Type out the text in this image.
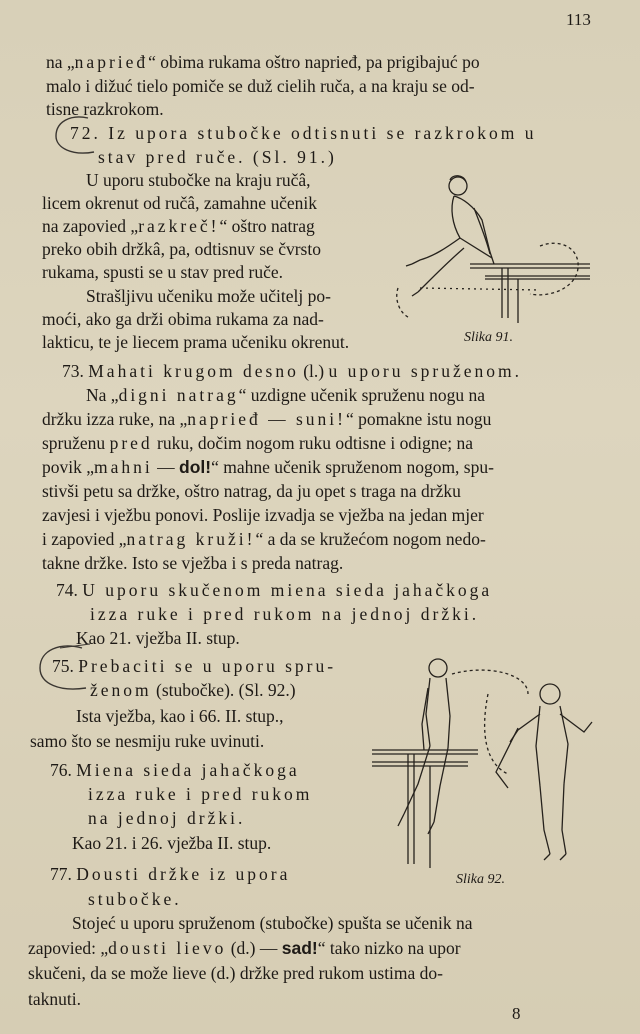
113
na „naprieđ“ obima rukama oštro naprieđ, pa prigibajuć po
malo i dižuć tielo pomiče se duž cielih ruča, a na kraju se od-
tisne razkrokom.
72. Iz upora stubočke odtisnuti se razkrokom u
stav pred ruče. (Sl. 91.)
U uporu stubočke na kraju ručâ,
licem okrenut od ručâ, zamahne učenik
na zapovied „razkreč!“ oštro natrag
preko obih držkâ, pa, odtisnuv se čvrsto
rukama, spusti se u stav pred ruče.
Strašljivu učeniku može učitelj po-
moći, ako ga drži obima rukama za nad-
lakticu, te je liecem prama učeniku okrenut.
73. Mahati krugom desno (l.) u uporu spruženom.
Na „digni natrag“ uzdigne učenik spruženu nogu na
držku izza ruke, na „naprieđ — suni!“ pomakne istu nogu
spruženu pred ruku, dočim nogom ruku odtisne i odigne; na
povik „mahni — dol!“ mahne učenik spruženom nogom, spu-
stivši petu sa držke, oštro natrag, da ju opet s traga na držku
zavjesi i vježbu ponovi. Poslije izvadja se vježba na jedan mjer
i zapovied „natrag kruži!“ a da se kružećom nogom nedo-
takne držke. Isto se vježba i s preda natrag.
74. U uporu skučenom miena sieda jahačkoga
izza ruke i pred rukom na jednoj držki.
Kao 21. vježba II. stup.
75. Prebaciti se u uporu spru-
ženom (stubočke). (Sl. 92.)
Ista vježba, kao i 66. II. stup.,
samo što se nesmiju ruke uvinuti.
76. Miena sieda jahačkoga
izza ruke i pred rukom
na jednoj držki.
Kao 21. i 26. vježba II. stup.
77. Dousti držke iz upora
stubočke.
Stojeć u uporu spruženom (stubočke) spušta se učenik na
zapovied: „dousti lievo (d.) — sad!“ tako nizko na upor
skučeni, da se može lieve (d.) držke pred rukom ustima do-
taknuti.
Slika 91.
Slika 92.
8
